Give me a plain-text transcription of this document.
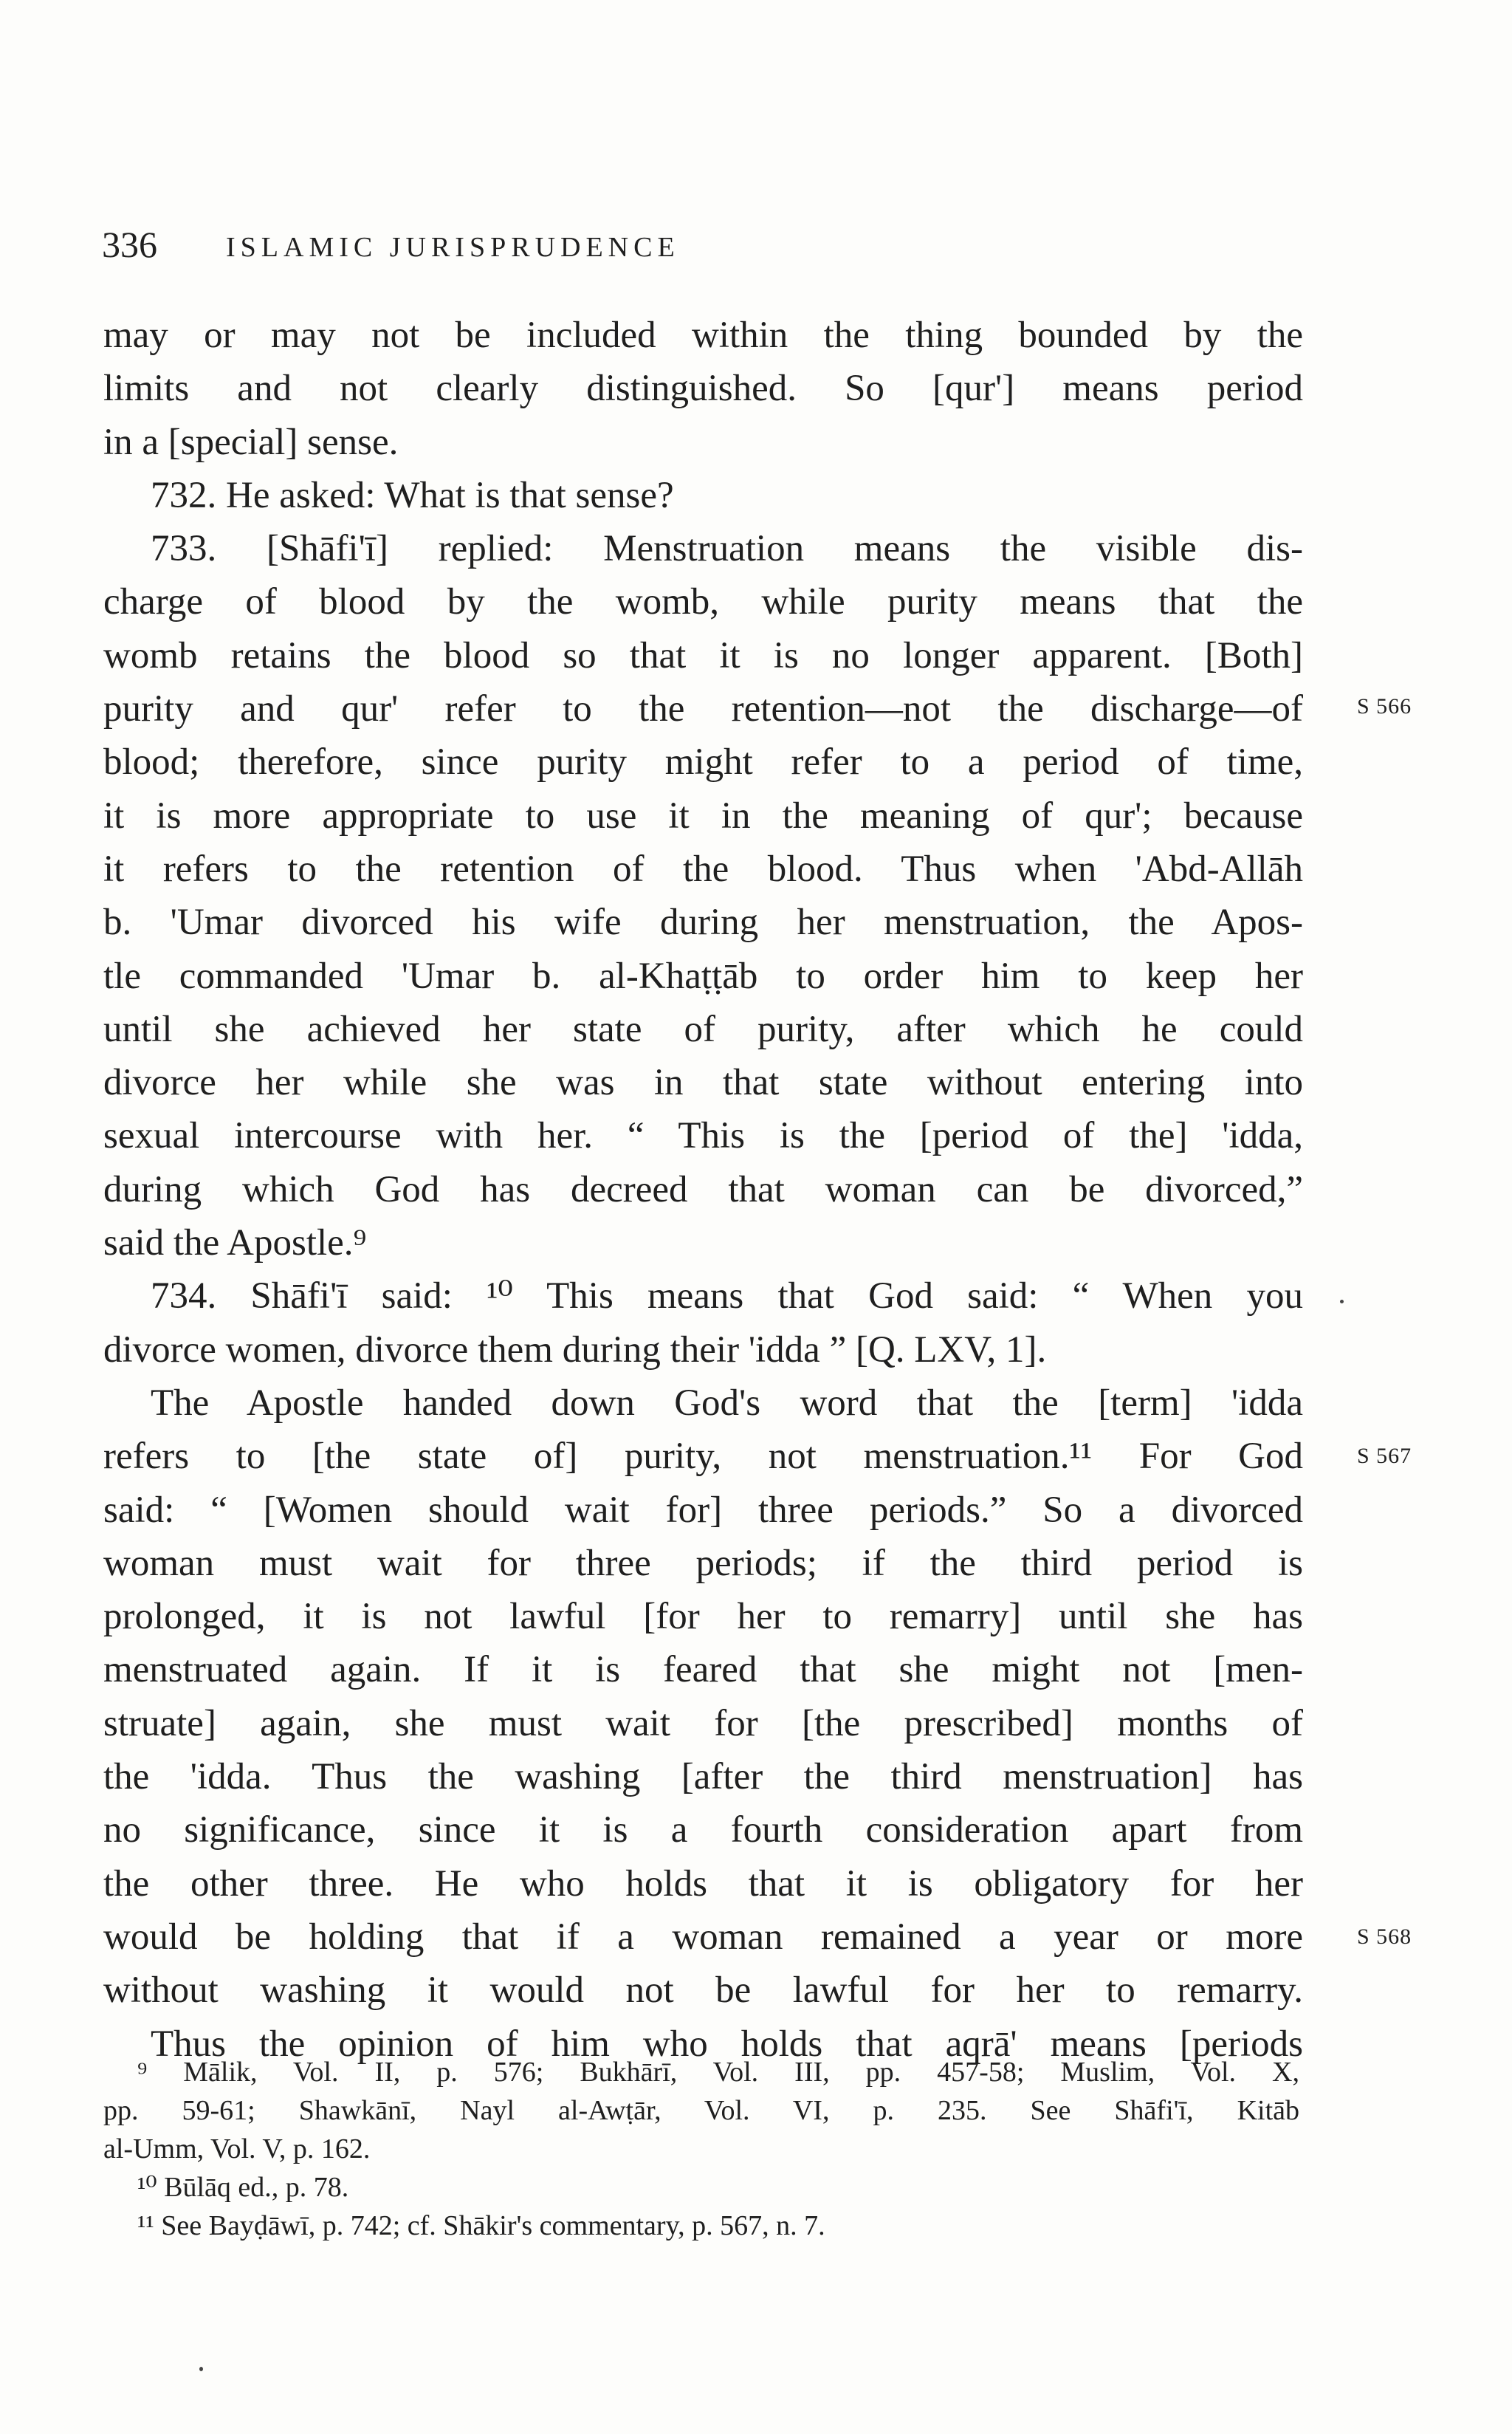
336 ISLAMIC JURISPRUDENCE
may or may not be included within the thing bounded by the
limits and not clearly distinguished. So [qur'] means period
in a [special] sense.
732. He asked: What is that sense?
733. [Shāfi'ī] replied: Menstruation means the visible dis-
charge of blood by the womb, while purity means that the
womb retains the blood so that it is no longer apparent. [Both]
purity and qur' refer to the retention—not the discharge—of
blood; therefore, since purity might refer to a period of time,
it is more appropriate to use it in the meaning of qur'; because
it refers to the retention of the blood. Thus when 'Abd-Allāh
b. 'Umar divorced his wife during her menstruation, the Apos-
tle commanded 'Umar b. al-Khaṭṭāb to order him to keep her
until she achieved her state of purity, after which he could
divorce her while she was in that state without entering into
sexual intercourse with her. “ This is the [period of the] 'idda,
during which God has decreed that woman can be divorced,”
said the Apostle.⁹
734. Shāfi'ī said: ¹⁰ This means that God said: “ When you
divorce women, divorce them during their 'idda ” [Q. LXV, 1].
The Apostle handed down God's word that the [term] 'idda
refers to [the state of] purity, not menstruation.¹¹ For God
said: “ [Women should wait for] three periods.” So a divorced
woman must wait for three periods; if the third period is
prolonged, it is not lawful [for her to remarry] until she has
menstruated again. If it is feared that she might not [men-
struate] again, she must wait for [the prescribed] months of
the 'idda. Thus the washing [after the third menstruation] has
no significance, since it is a fourth consideration apart from
the other three. He who holds that it is obligatory for her
would be holding that if a woman remained a year or more
without washing it would not be lawful for her to remarry.
Thus the opinion of him who holds that aqrā' means [periods
S 566
S 567
S 568
⁹ Mālik, Vol. II, p. 576; Bukhārī, Vol. III, pp. 457-58; Muslim, Vol. X,
pp. 59-61; Shawkānī, Nayl al-Awṭār, Vol. VI, p. 235. See Shāfi'ī, Kitāb
al-Umm, Vol. V, p. 162.
¹⁰ Būlāq ed., p. 78.
¹¹ See Bayḍāwī, p. 742; cf. Shākir's commentary, p. 567, n. 7.
